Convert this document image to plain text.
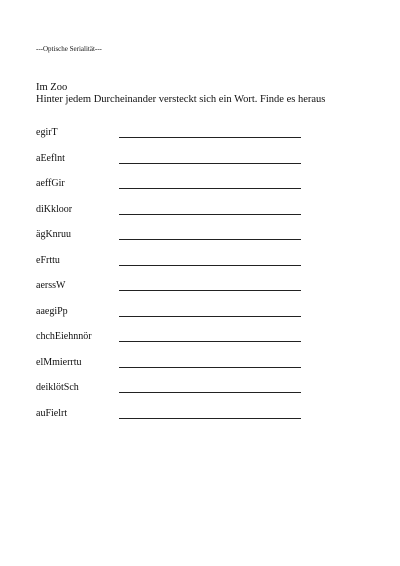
---Optische Serialität---
Im Zoo
Hinter jedem Durcheinander versteckt sich ein Wort. Finde es heraus
egirT
aEeflnt
aeffGir
diKkloor
ägKnruu
eFrttu
aerssW
aaegiPp
chchEiehnnör
elMmierrtu
deiklötSch
auFielrt
